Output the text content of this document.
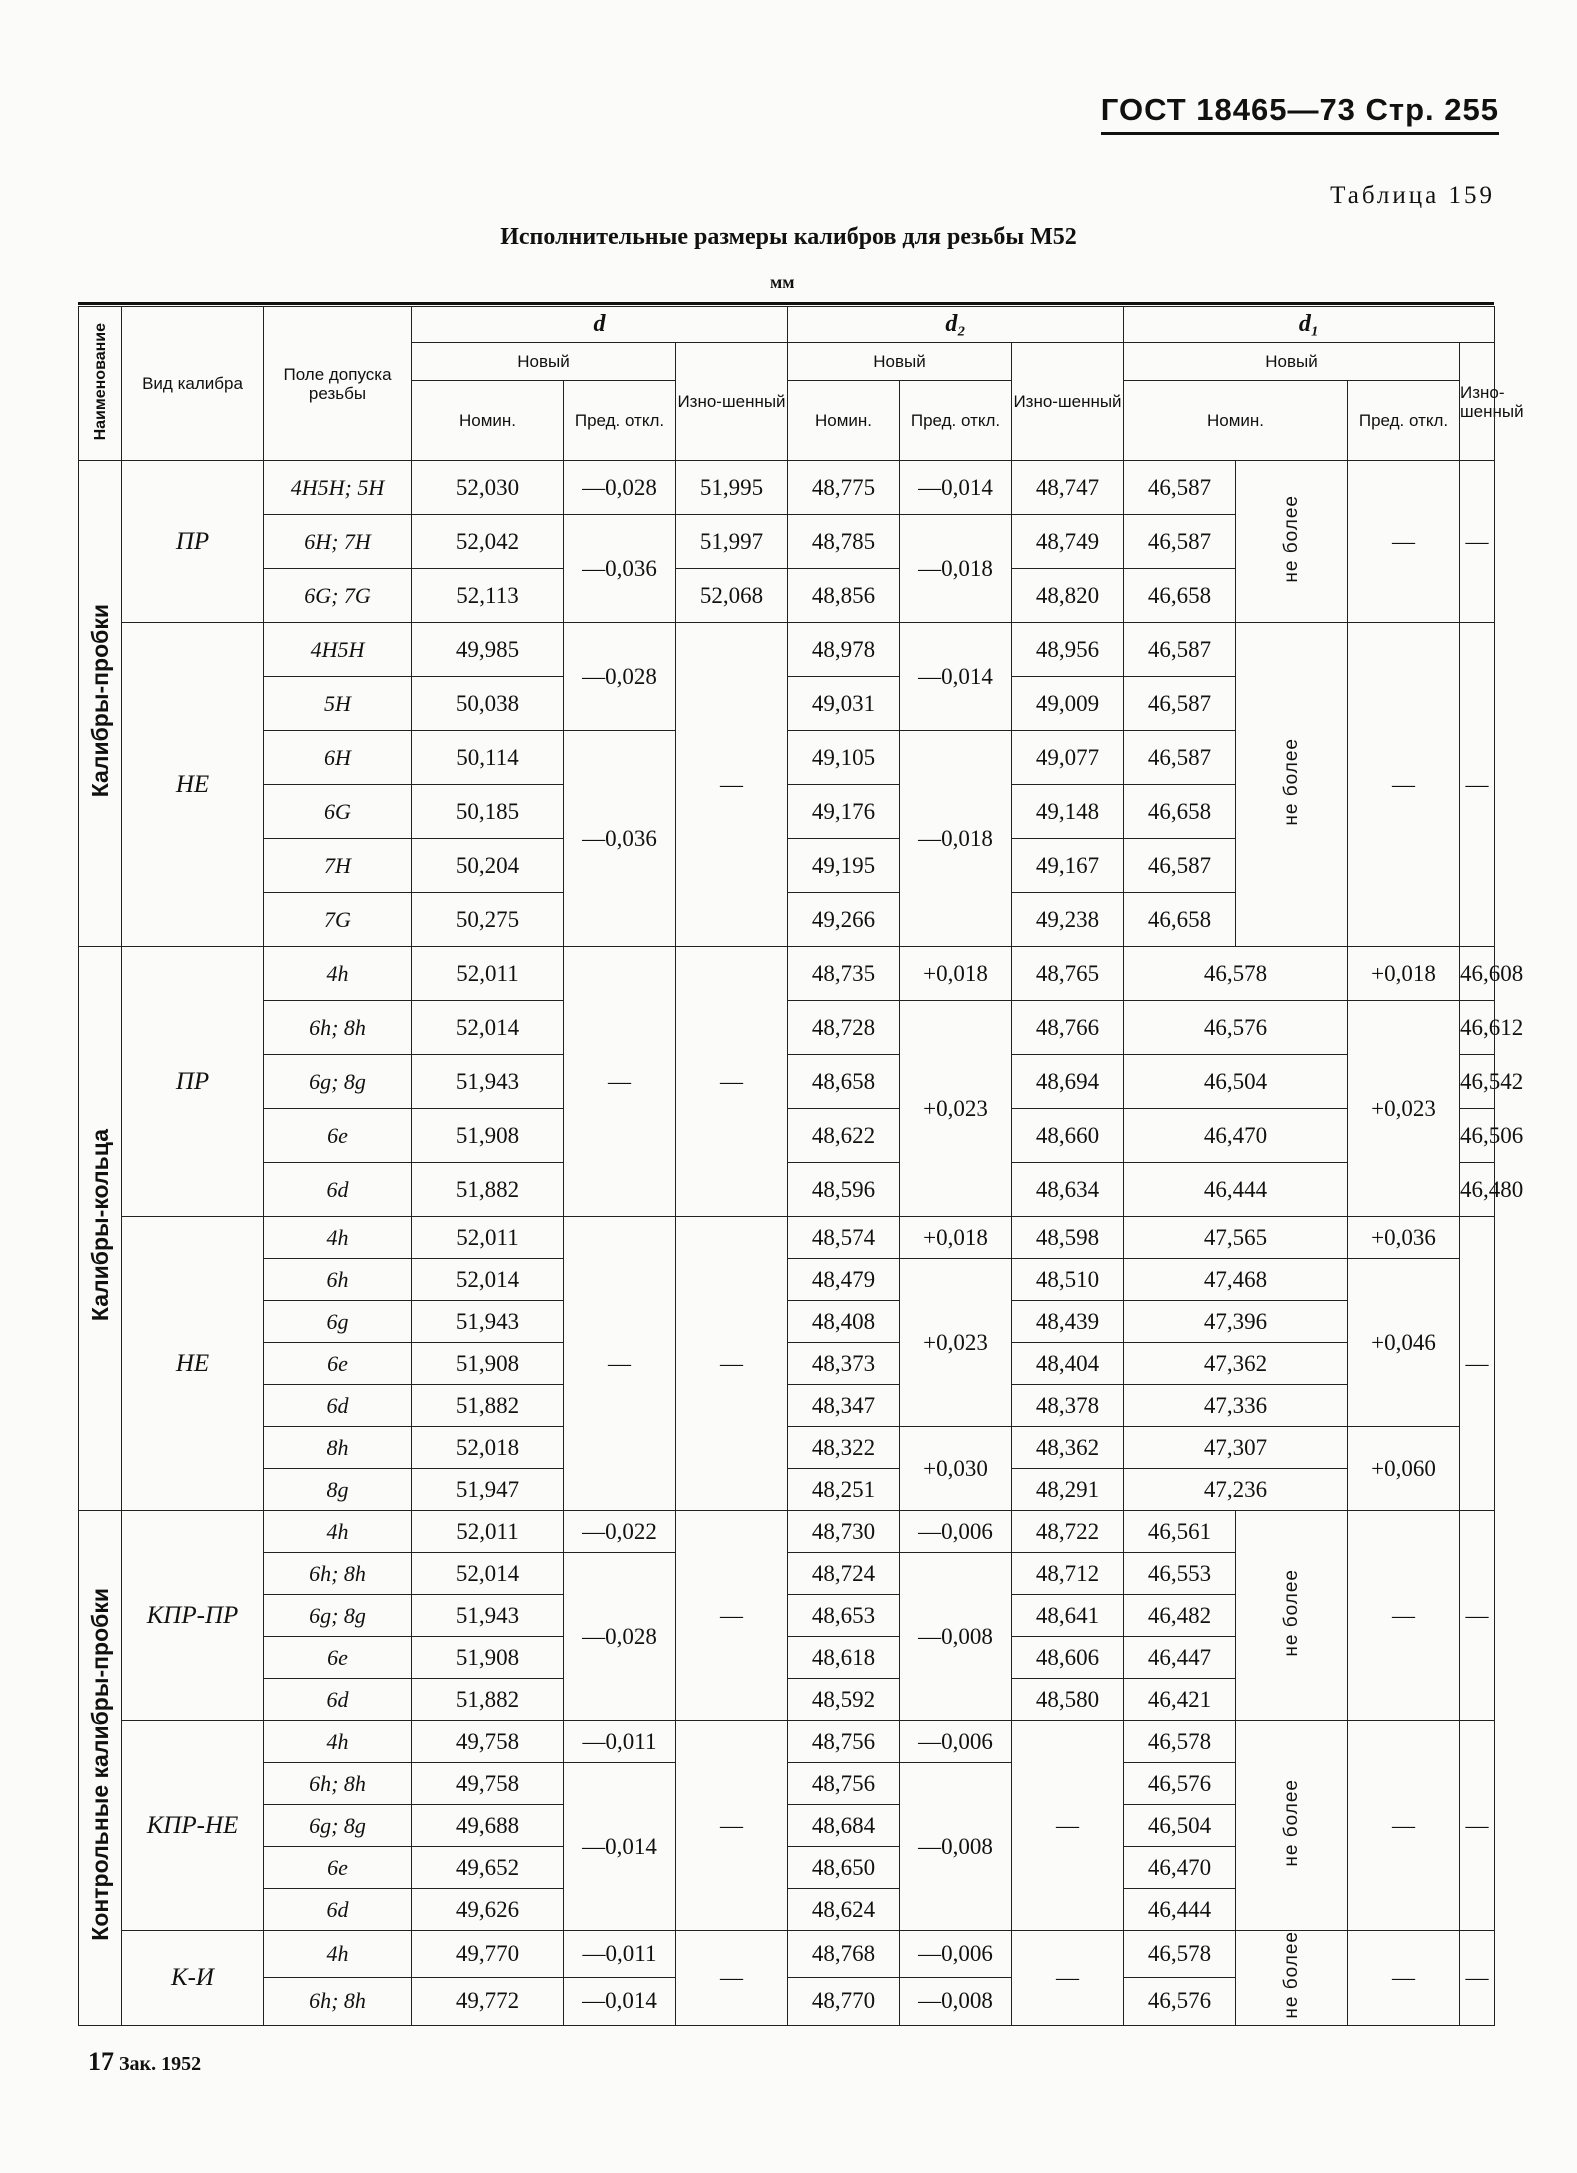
ГОСТ 18465—73 Стр. 255
Таблица 159
Исполнительные размеры калибров для резьбы М52
мм
Наименование	Вид калибра	Поле допуска резьбы	d			d₂			d₁			
			Новый		Изно-шенный	Новый		Изно-шенный	Новый			Изно-шенный
			Номин.	Пред. откл.		Номин.	Пред. откл.		Номин.		Пред. откл.	
Калибры-пробки	ПР	4H5H; 5H	52,030	—0,028	51,995	48,775	—0,014	48,747	46,587	не более	—	—
		6H; 7H	52,042	—0,036	51,997	48,785	—0,018	48,749	46,587			
		6G; 7G	52,113		52,068	48,856		48,820	46,658			
	НЕ	4H5H	49,985	—0,028	—	48,978	—0,014	48,956	46,587	не более	—	—
		5H	50,038			49,031		49,009	46,587			
		6H	50,114	—0,036		49,105	—0,018	49,077	46,587			
		6G	50,185			49,176		49,148	46,658			
		7H	50,204			49,195		49,167	46,587			
		7G	50,275			49,266		49,238	46,658			
Калибры-кольца	ПР	4h	52,011	—	—	48,735	+0,018	48,765	46,578		+0,018	46,608
		6h; 8h	52,014			48,728	+0,023	48,766	46,576		+0,023	46,612
		6g; 8g	51,943			48,658		48,694	46,504			46,542
		6e	51,908			48,622		48,660	46,470			46,506
		6d	51,882			48,596		48,634	46,444			46,480
	НЕ	4h	52,011	—	—	48,574	+0,018	48,598	47,565		+0,036	—
		6h	52,014			48,479	+0,023	48,510	47,468		+0,046	
		6g	51,943			48,408		48,439	47,396			
		6e	51,908			48,373		48,404	47,362			
		6d	51,882			48,347		48,378	47,336			
		8h	52,018			48,322	+0,030	48,362	47,307		+0,060	
		8g	51,947			48,251		48,291	47,236			
Контрольные калибры-пробки	КПР-ПР	4h	52,011	—0,022	—	48,730	—0,006	48,722	46,561	не более	—	—
		6h; 8h	52,014	—0,028		48,724	—0,008	48,712	46,553			
		6g; 8g	51,943			48,653		48,641	46,482			
		6e	51,908			48,618		48,606	46,447			
		6d	51,882			48,592		48,580	46,421			
	КПР-НЕ	4h	49,758	—0,011	—	48,756	—0,006	—	46,578	не более	—	—
		6h; 8h	49,758	—0,014		48,756	—0,008		46,576			
		6g; 8g	49,688			48,684			46,504			
		6e	49,652			48,650			46,470			
		6d	49,626			48,624			46,444			
	К-И	4h	49,770	—0,011	—	48,768	—0,006	—	46,578	не более	—	—
		6h; 8h	49,772	—0,014		48,770	—0,008		46,576			
17 Зак. 1952
